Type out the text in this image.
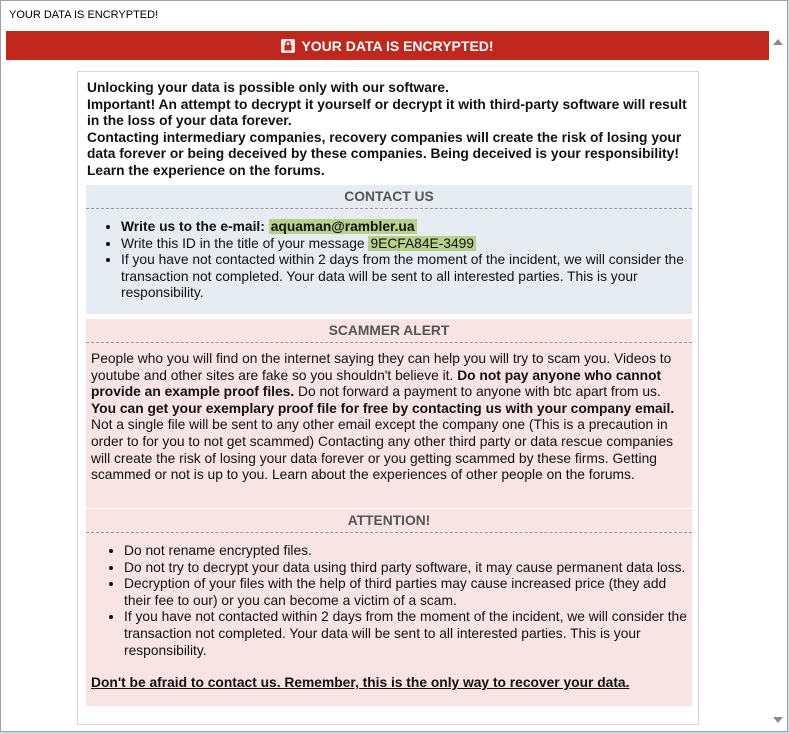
YOUR DATA IS ENCRYPTED!
YOUR DATA IS ENCRYPTED!
Unlocking your data is possible only with our software.
Important! An attempt to decrypt it yourself or decrypt it with third-party software will result in the loss of your data forever.
Contacting intermediary companies, recovery companies will create the risk of losing your data forever or being deceived by these companies. Being deceived is your responsibility! Learn the experience on the forums.
CONTACT US
• Write us to the e-mail: aquaman@rambler.ua
• Write this ID in the title of your message 9ECFA84E-3499
• If you have not contacted within 2 days from the moment of the incident, we will consider the transaction not completed. Your data will be sent to all interested parties. This is your responsibility.
SCAMMER ALERT
People who you will find on the internet saying they can help you will try to scam you. Videos to youtube and other sites are fake so you shouldn't believe it. Do not pay anyone who cannot provide an example proof files. Do not forward a payment to anyone with btc apart from us.
You can get your exemplary proof file for free by contacting us with your company email.
Not a single file will be sent to any other email except the company one (This is a precaution in order to for you to not get scammed) Contacting any other third party or data rescue companies will create the risk of losing your data forever or you getting scammed by these firms. Getting scammed or not is up to you. Learn about the experiences of other people on the forums.
ATTENTION!
• Do not rename encrypted files.
• Do not try to decrypt your data using third party software, it may cause permanent data loss.
• Decryption of your files with the help of third parties may cause increased price (they add their fee to our) or you can become a victim of a scam.
• If you have not contacted within 2 days from the moment of the incident, we will consider the transaction not completed. Your data will be sent to all interested parties. This is your responsibility.
Don't be afraid to contact us. Remember, this is the only way to recover your data.
